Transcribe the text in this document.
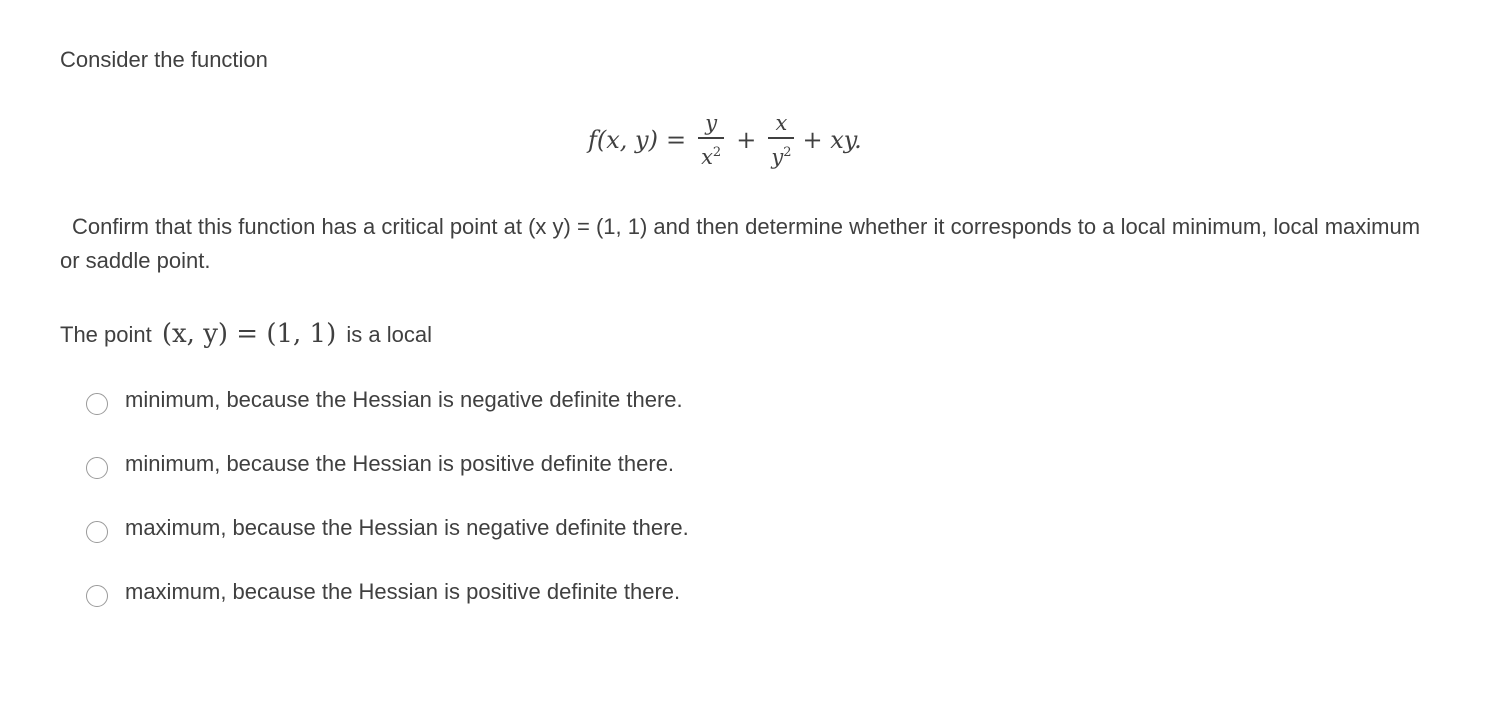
Consider the function

f(x, $y) = \frac{y}{x^2} + \frac{x}{y^2}$ + xy.

Confirm that this function has a critical point at (x y) = (1, 1) and then determine whether it corresponds to a local minimum, local maximum or saddle point.

The point (x, y) = (1, 1) is a local

minimum, because the Hessian is negative definite there.
minimum, because the Hessian is positive definite there.
maximum, because the Hessian is negative definite there.
maximum, because the Hessian is positive definite there.
